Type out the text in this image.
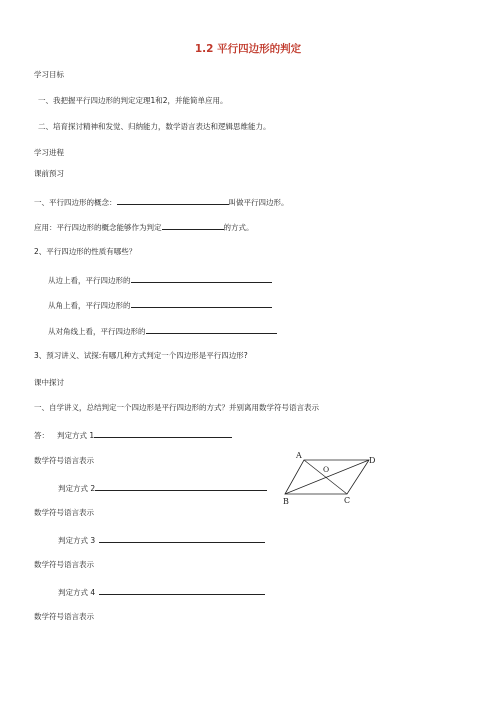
1.2 平行四边形的判定
学习目标
一、我把握平行四边形的判定定理1和2，并能简单应用。
二、培育探讨精神和发觉、归纳能力，数学语言表达和逻辑思维能力。
学习进程
课前预习
一、平行四边形的概念：	叫做平行四边形。
应用：平行四边形的概念能够作为判定	的方式。
2、平行四边形的性质有哪些？
从边上看，平行四边形的
从角上看，平行四边形的
从对角线上看，平行四边形的
3、预习讲义、试探:有哪几种方式判定一个四边形是平行四边形?
课中探讨
一、自学讲义，总结判定一个四边形是平行四边形的方式？并别离用数学符号语言表示
答： 判定方式 1
数学符号语言表示
判定方式 2
数学符号语言表示
判定方式 3
数学符号语言表示
判定方式 4
数学符号语言表示
A
D
B	C
O
